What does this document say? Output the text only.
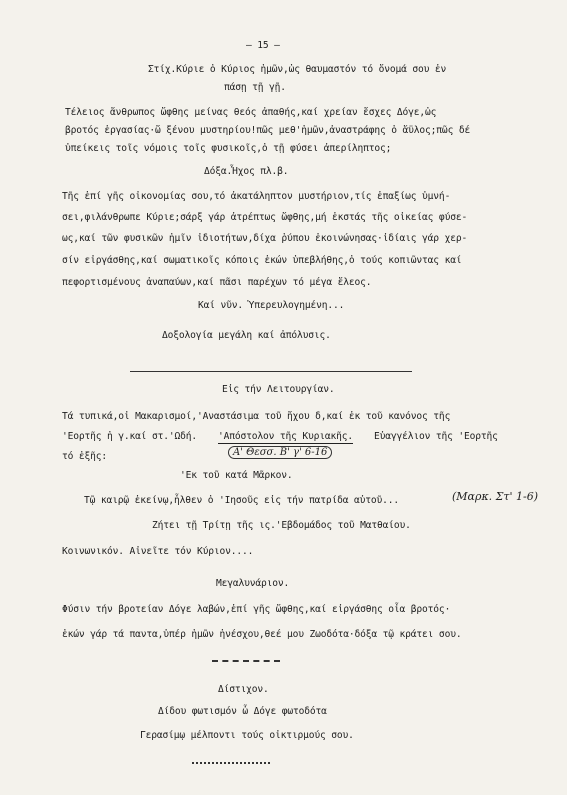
— 15 —
Στίχ.Κύριε ὁ Κύριος ἡμῶν,ὡς θαυμαστόν τό ὄνομά σου ἐν
πάσῃ τῇ γῇ.
Τέλειος ἄνθρωπος ὤφθης μείνας θεός ἀπαθής,καί χρείαν ἔσχες Δόγε,ὡς
βροτός ἐργασίας·ὤ ξένου μυστηρίου!πῶς μεθ'ἡμῶν,ἀναστράφης ὁ ἄϋλος;πῶς δέ
ὑπείκεις τοῖς νόμοις τοῖς φυσικοῖς,ὁ τῇ φύσει ἀπερίληπτος;
Δόξα.Ἦχος πλ.β.
Τῆς ἐπί γῆς οἰκονομίας σου,τό ἀκατάληπτον μυστήριον,τίς ἐπαξίως ὑμνή-
σει,φιλάνθρωπε Κύριε;σάρξ γάρ ἀτρέπτως ὤφθης,μή ἐκστάς τῆς οἰκείας φύσε-
ως,καί τῶν φυσικῶν ἡμῖν ἰδιοτήτων,δίχα ῥύπου ἐκοινώνησας·ἰδίαις γάρ χερ-
σίν εἰργάσθης,καί σωματικοῖς κόποις ἐκών ὑπεβλήθης,ὁ τούς κοπιῶντας καί
πεφορτισμένους ἀναπαύων,καί πᾶσι παρέχων τό μέγα ἔλεος.
Καί νῦν. Ὑπερευλογημένη...
Δοξολογία μεγάλη καί ἀπόλυσις.
Εἰς τήν Λειτουργίαν.
Τά τυπικά,οἱ Μακαρισμοί,'Αναστάσιμα τοῦ ἤχου δ,καί ἐκ τοῦ κανόνος τῆς
'Εορτῆς ἡ γ.καί στ.'Ωδή. 'Απόστολον τῆς Κυριακῆς. Εὐαγγέλιον τῆς 'Εορτῆς
τό ἑξῆς:	Α' Θεσσ. Β' γ' 6-16
'Εκ τοῦ κατά Μᾶρκον.
Τῷ καιρῷ ἐκείνῳ,ἦλθεν ὁ 'Ιησοῦς εἰς τήν πατρίδα αὐτοῦ...	(Μαρκ. Στ' 1-6)
Ζήτει τῇ Τρίτῃ τῆς ις.'Εβδομάδος τοῦ Ματθαίου.
Κοινωνικόν. Αἰνεῖτε τόν Κύριον....
Μεγαλυνάριον.
Φύσιν τήν βροτείαν Δόγε λαβών,ἐπί γῆς ὤφθης,καί εἰργάσθης οἷα βροτός·
ἑκών γάρ τά παντα,ὑπέρ ἡμῶν ἠνέσχου,θεέ μου Ζωοδότα·δόξα τῷ κράτει σου.
Δίστιχον.
Δίδου φωτισμόν ὦ Δόγε φωτοδότα
Γερασίμῳ μέλποντι τούς οἰκτιρμούς σου.
